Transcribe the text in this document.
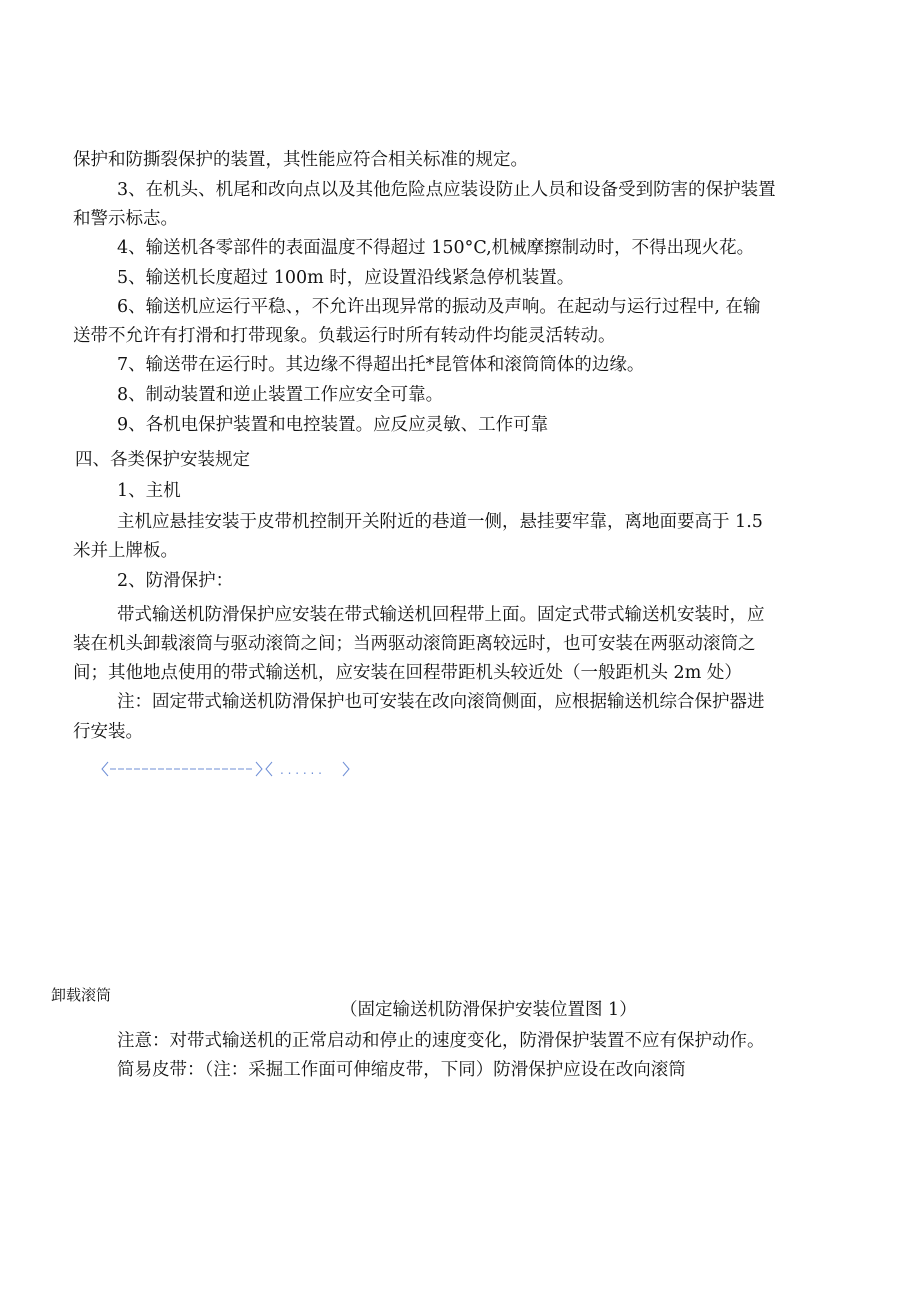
保护和防撕裂保护的装置，其性能应符合相关标准的规定。
3、在机头、机尾和改向点以及其他危险点应装设防止人员和设备受到防害的保护装置
和警示标志。
4、输送机各零部件的表面温度不得超过 150°C,机械摩擦制动时，不得出现火花。
5、输送机长度超过 100m 时，应设置沿线紧急停机装置。
6、输送机应运行平稳、，不允许出现异常的振动及声响。在起动与运行过程中, 在输
送带不允许有打滑和打带现象。负载运行时所有转动件均能灵活转动。
7、输送带在运行时。其边缘不得超出托*昆管体和滚筒筒体的边缘。
8、制动装置和逆止装置工作应安全可靠。
9、各机电保护装置和电控装置。应反应灵敏、工作可靠
四、各类保护安装规定
1、主机
主机应悬挂安装于皮带机控制开关附近的巷道一侧，悬挂要牢靠，离地面要高于 1.5
米并上牌板。
2、防滑保护：
带式输送机防滑保护应安装在带式输送机回程带上面。固定式带式输送机安装时，应
装在机头卸载滚筒与驱动滚筒之间；当两驱动滚筒距离较远时，也可安装在两驱动滚筒之
间；其他地点使用的带式输送机，应安装在回程带距机头较近处（一般距机头 2m 处）
注：固定带式输送机防滑保护也可安装在改向滚筒侧面，应根据输送机综合保护器进
行安装。
. . . . . .
卸载滚筒
（固定输送机防滑保护安装位置图 1）
注意：对带式输送机的正常启动和停止的速度变化，防滑保护装置不应有保护动作。
简易皮带：（注：采掘工作面可伸缩皮带，下同）防滑保护应设在改向滚筒
